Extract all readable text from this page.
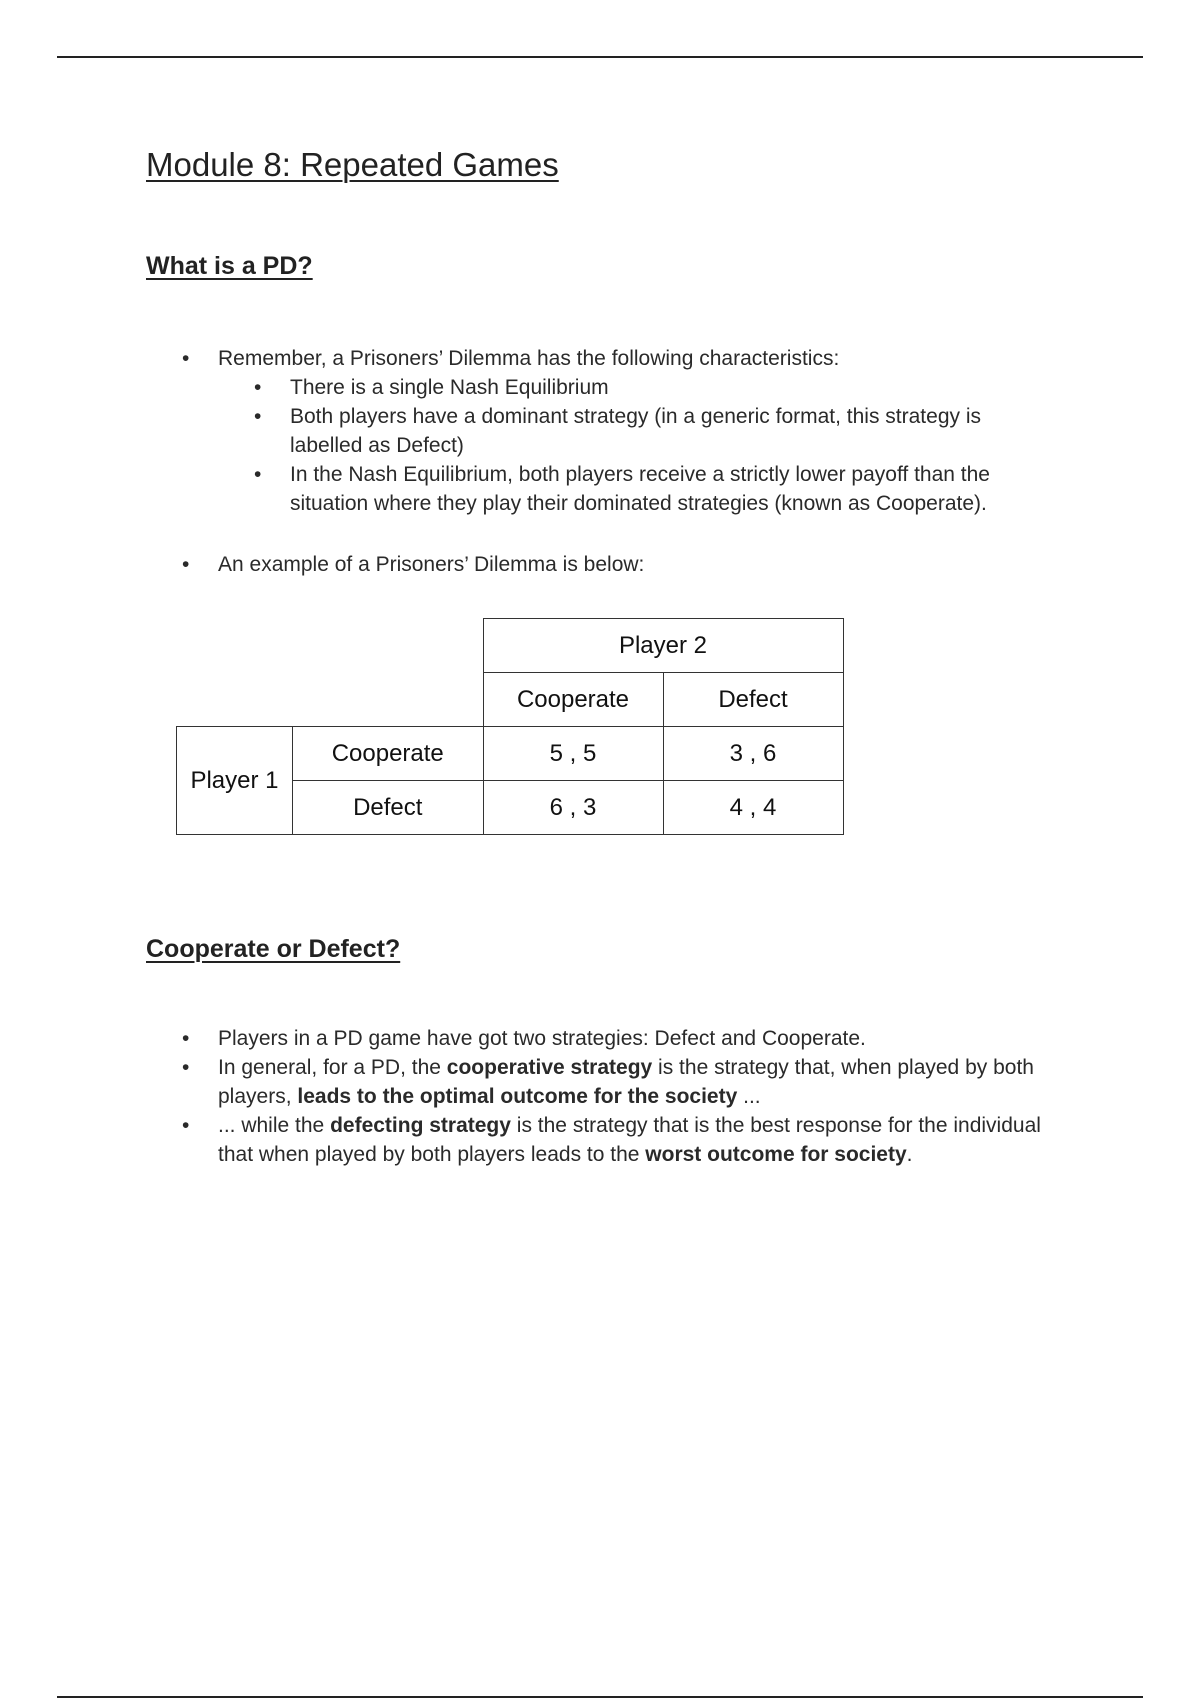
Module 8: Repeated Games
What is a PD?
• Remember, a Prisoners’ Dilemma has the following characteristics:
• There is a single Nash Equilibrium
• Both players have a dominant strategy (in a generic format, this strategy is labelled as Defect)
• In the Nash Equilibrium, both players receive a strictly lower payoff than the situation where they play their dominated strategies (known as Cooperate).
• An example of a Prisoners’ Dilemma is below:
		Player 2	
		Cooperate	Defect
Player 1	Cooperate	5 , 5	3 , 6
	Defect	6 , 3	4 , 4
Cooperate or Defect?
• Players in a PD game have got two strategies: Defect and Cooperate.
• In general, for a PD, the cooperative strategy is the strategy that, when played by both players, leads to the optimal outcome for the society ...
• ... while the defecting strategy is the strategy that is the best response for the individual that when played by both players leads to the worst outcome for society.
